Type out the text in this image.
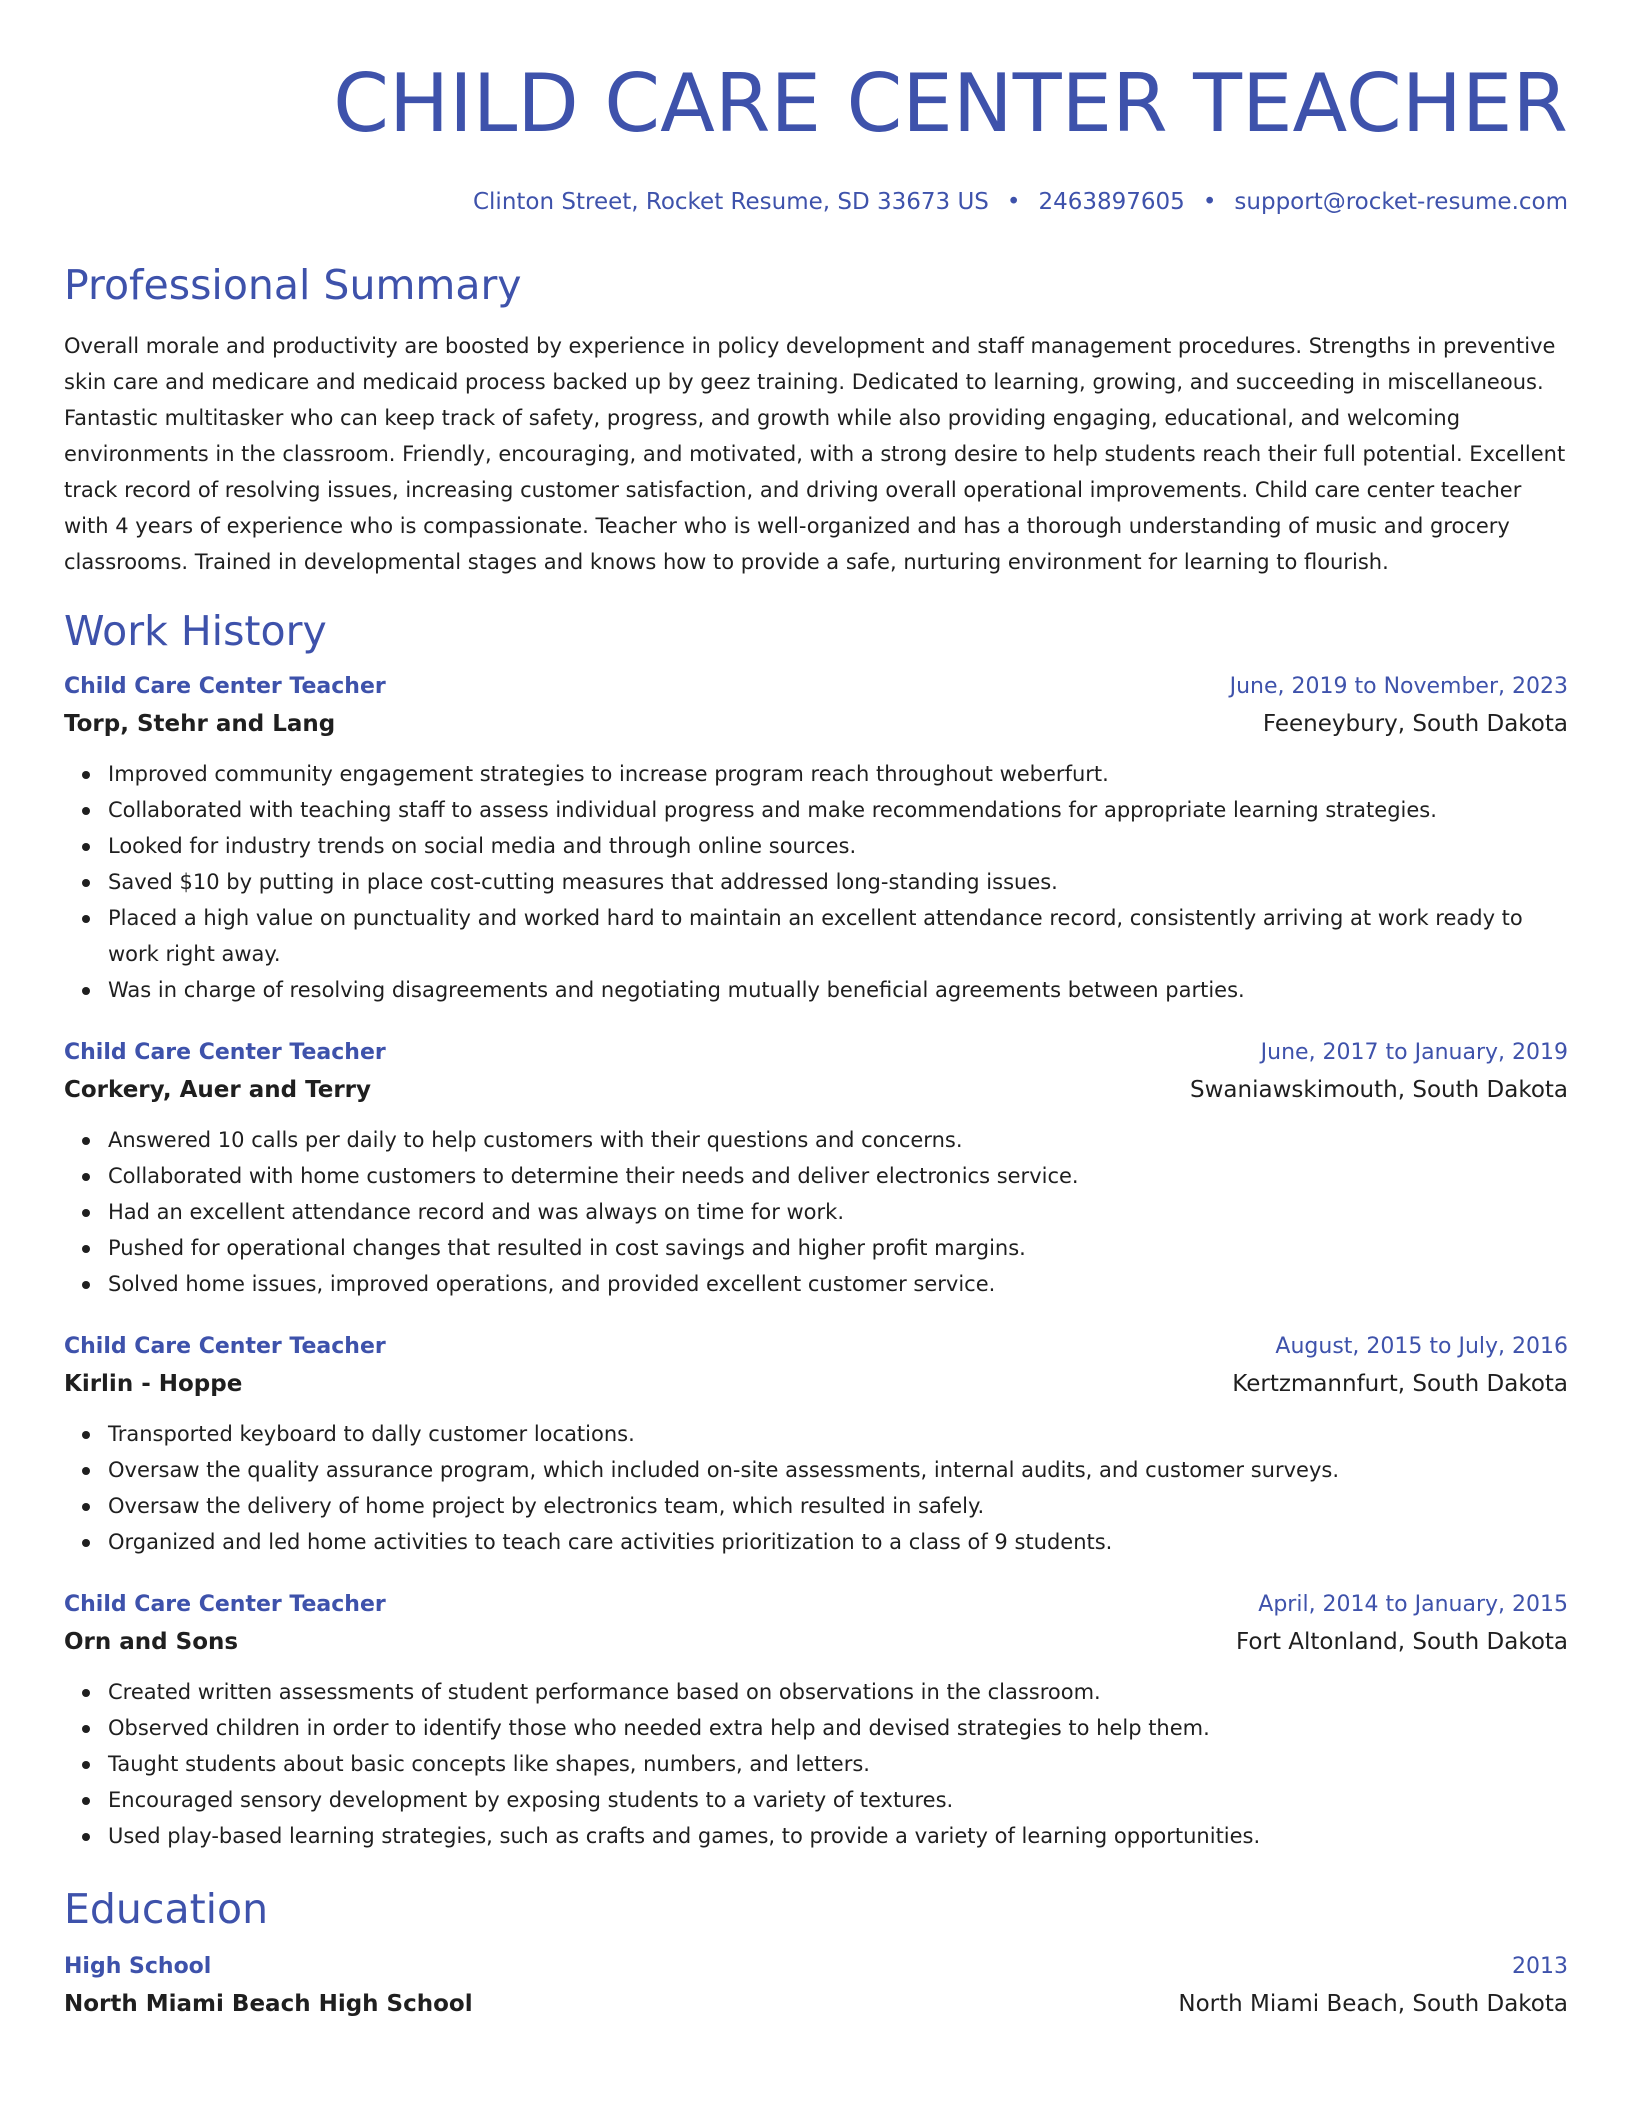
CHILD CARE CENTER TEACHER
Clinton Street, Rocket Resume, SD 33673 US • 2463897605 • support@rocket-resume.com
Professional Summary

Overall morale and productivity are boosted by experience in policy development and staff management procedures. Strengths in preventive skin care and medicare and medicaid process backed up by geez training. Dedicated to learning, growing, and succeeding in miscellaneous. Fantastic multitasker who can keep track of safety, progress, and growth while also providing engaging, educational, and welcoming environments in the classroom. Friendly, encouraging, and motivated, with a strong desire to help students reach their full potential. Excellent track record of resolving issues, increasing customer satisfaction, and driving overall operational improvements. Child care center teacher with 4 years of experience who is compassionate. Teacher who is well-organized and has a thorough understanding of music and grocery classrooms. Trained in developmental stages and knows how to provide a safe, nurturing environment for learning to flourish.

Work History
Child Care Center Teacher	June, 2019 to November, 2023
Torp, Stehr and Lang	Feeneybury, South Dakota
Improved community engagement strategies to increase program reach throughout weberfurt.
Collaborated with teaching staff to assess individual progress and make recommendations for appropriate learning strategies.
Looked for industry trends on social media and through online sources.
Saved $10 by putting in place cost-cutting measures that addressed long-standing issues.
Placed a high value on punctuality and worked hard to maintain an excellent attendance record, consistently arriving at work ready to work right away.
Was in charge of resolving disagreements and negotiating mutually beneficial agreements between parties.
Child Care Center Teacher	June, 2017 to January, 2019
Corkery, Auer and Terry	Swaniawskimouth, South Dakota
Answered 10 calls per daily to help customers with their questions and concerns.
Collaborated with home customers to determine their needs and deliver electronics service.
Had an excellent attendance record and was always on time for work.
Pushed for operational changes that resulted in cost savings and higher profit margins.
Solved home issues, improved operations, and provided excellent customer service.
Child Care Center Teacher	August, 2015 to July, 2016
Kirlin - Hoppe	Kertzmannfurt, South Dakota
Transported keyboard to dally customer locations.
Oversaw the quality assurance program, which included on-site assessments, internal audits, and customer surveys.
Oversaw the delivery of home project by electronics team, which resulted in safely.
Organized and led home activities to teach care activities prioritization to a class of 9 students.
Child Care Center Teacher	April, 2014 to January, 2015
Orn and Sons	Fort Altonland, South Dakota
Created written assessments of student performance based on observations in the classroom.
Observed children in order to identify those who needed extra help and devised strategies to help them.
Taught students about basic concepts like shapes, numbers, and letters.
Encouraged sensory development by exposing students to a variety of textures.
Used play-based learning strategies, such as crafts and games, to provide a variety of learning opportunities.
Education
High School	2013
North Miami Beach High School	North Miami Beach, South Dakota
